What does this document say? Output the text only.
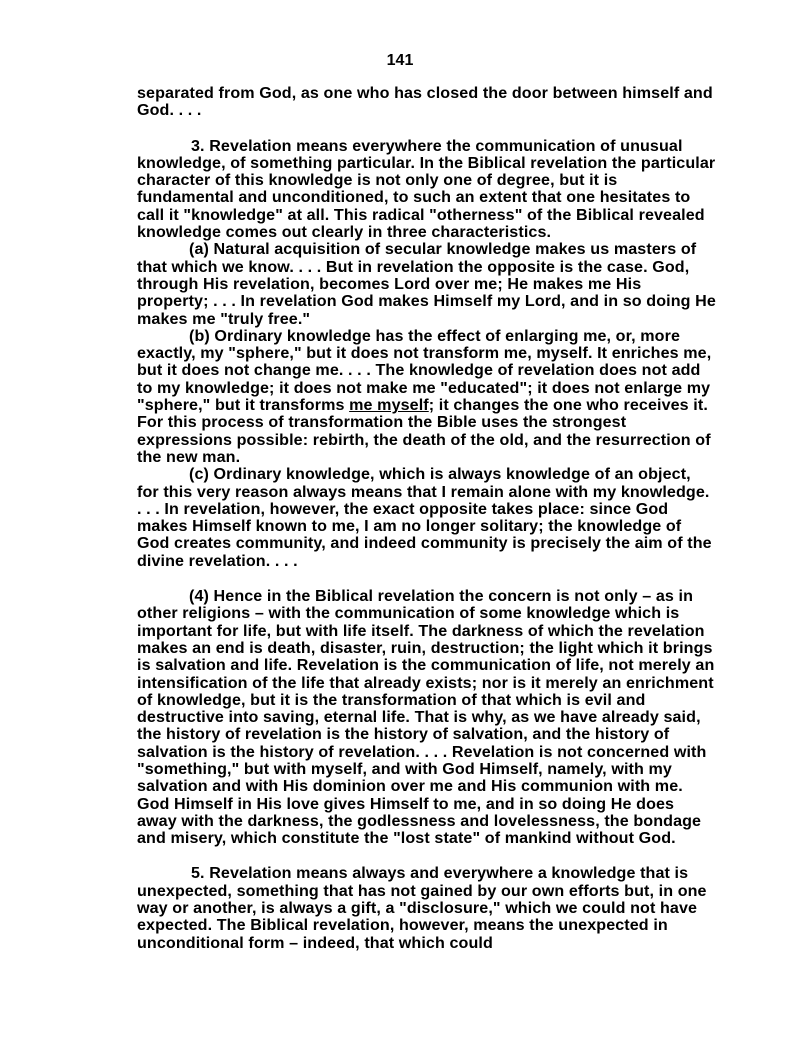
141

separated from God, as one who has closed the door between himself and God. . . .

3. Revelation means everywhere the communication of unusual knowledge, of something particular. In the Biblical revelation the particular character of this knowledge is not only one of degree, but it is fundamental and unconditioned, to such an extent that one hesitates to call it "knowledge" at all. This radical "otherness" of the Biblical revealed knowledge comes out clearly in three characteristics.

(a) Natural acquisition of secular knowledge makes us masters of that which we know. . . . But in revelation the opposite is the case. God, through His revelation, becomes Lord over me; He makes me His property; . . . In revelation God makes Himself my Lord, and in so doing He makes me "truly free."

(b) Ordinary knowledge has the effect of enlarging me, or, more exactly, my "sphere," but it does not transform me, myself. It enriches me, but it does not change me. . . . The knowledge of revelation does not add to my knowledge; it does not make me "educated"; it does not enlarge my "sphere," but it transforms me myself; it changes the one who receives it. For this process of transformation the Bible uses the strongest expressions possible: rebirth, the death of the old, and the resurrection of the new man.

(c) Ordinary knowledge, which is always knowledge of an object, for this very reason always means that I remain alone with my knowledge. . . . In revelation, however, the exact opposite takes place: since God makes Himself known to me, I am no longer solitary; the knowledge of God creates community, and indeed community is precisely the aim of the divine revelation. . . .

(4) Hence in the Biblical revelation the concern is not only – as in other religions – with the communication of some knowledge which is important for life, but with life itself. The darkness of which the revelation makes an end is death, disaster, ruin, destruction; the light which it brings is salvation and life. Revelation is the communication of life, not merely an intensification of the life that already exists; nor is it merely an enrichment of knowledge, but it is the transformation of that which is evil and destructive into saving, eternal life. That is why, as we have already said, the history of revelation is the history of salvation, and the history of salvation is the history of revelation. . . . Revelation is not concerned with "something," but with myself, and with God Himself, namely, with my salvation and with His dominion over me and His communion with me. God Himself in His love gives Himself to me, and in so doing He does away with the darkness, the godlessness and lovelessness, the bondage and misery, which constitute the "lost state" of mankind without God.

5. Revelation means always and everywhere a knowledge that is unexpected, something that has not gained by our own efforts but, in one way or another, is always a gift, a "disclosure," which we could not have expected. The Biblical revelation, however, means the unexpected in unconditional form – indeed, that which could
